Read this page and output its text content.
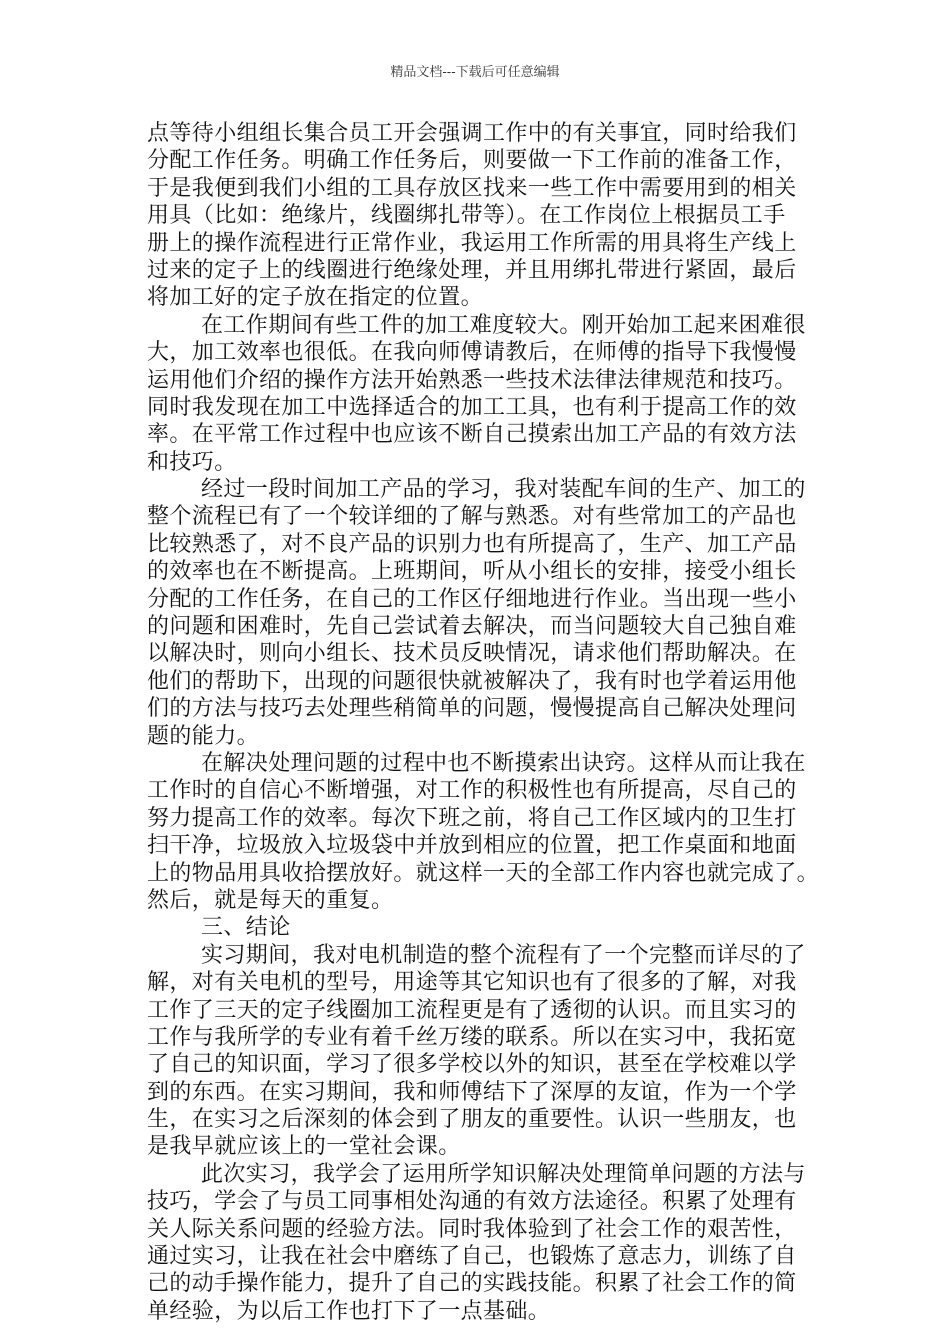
精品文档---下载后可任意编辑
点等待小组组长集合员工开会强调工作中的有关事宜，同时给我们
分配工作任务。明确工作任务后，则要做一下工作前的准备工作，
于是我便到我们小组的工具存放区找来一些工作中需要用到的相关
用具（比如：绝缘片，线圈绑扎带等）。在工作岗位上根据员工手
册上的操作流程进行正常作业，我运用工作所需的用具将生产线上
过来的定子上的线圈进行绝缘处理，并且用绑扎带进行紧固，最后
将加工好的定子放在指定的位置。
在工作期间有些工件的加工难度较大。刚开始加工起来困难很
大，加工效率也很低。在我向师傅请教后，在师傅的指导下我慢慢
运用他们介绍的操作方法开始熟悉一些技术法律法律规范和技巧。
同时我发现在加工中选择适合的加工工具，也有利于提高工作的效
率。在平常工作过程中也应该不断自己摸索出加工产品的有效方法
和技巧。
经过一段时间加工产品的学习，我对装配车间的生产、加工的
整个流程已有了一个较详细的了解与熟悉。对有些常加工的产品也
比较熟悉了，对不良产品的识别力也有所提高了，生产、加工产品
的效率也在不断提高。上班期间，听从小组长的安排，接受小组长
分配的工作任务，在自己的工作区仔细地进行作业。当出现一些小
的问题和困难时，先自己尝试着去解决，而当问题较大自己独自难
以解决时，则向小组长、技术员反映情况，请求他们帮助解决。在
他们的帮助下，出现的问题很快就被解决了，我有时也学着运用他
们的方法与技巧去处理些稍简单的问题，慢慢提高自己解决处理问
题的能力。
在解决处理问题的过程中也不断摸索出诀窍。这样从而让我在
工作时的自信心不断增强，对工作的积极性也有所提高，尽自己的
努力提高工作的效率。每次下班之前，将自己工作区域内的卫生打
扫干净，垃圾放入垃圾袋中并放到相应的位置，把工作桌面和地面
上的物品用具收拾摆放好。就这样一天的全部工作内容也就完成了。
然后，就是每天的重复。
三、结论
实习期间，我对电机制造的整个流程有了一个完整而详尽的了
解，对有关电机的型号，用途等其它知识也有了很多的了解，对我
工作了三天的定子线圈加工流程更是有了透彻的认识。而且实习的
工作与我所学的专业有着千丝万缕的联系。所以在实习中，我拓宽
了自己的知识面，学习了很多学校以外的知识，甚至在学校难以学
到的东西。在实习期间，我和师傅结下了深厚的友谊，作为一个学
生，在实习之后深刻的体会到了朋友的重要性。认识一些朋友，也
是我早就应该上的一堂社会课。
此次实习，我学会了运用所学知识解决处理简单问题的方法与
技巧，学会了与员工同事相处沟通的有效方法途径。积累了处理有
关人际关系问题的经验方法。同时我体验到了社会工作的艰苦性，
通过实习，让我在社会中磨练了自己，也锻炼了意志力，训练了自
己的动手操作能力，提升了自己的实践技能。积累了社会工作的简
单经验，为以后工作也打下了一点基础。
